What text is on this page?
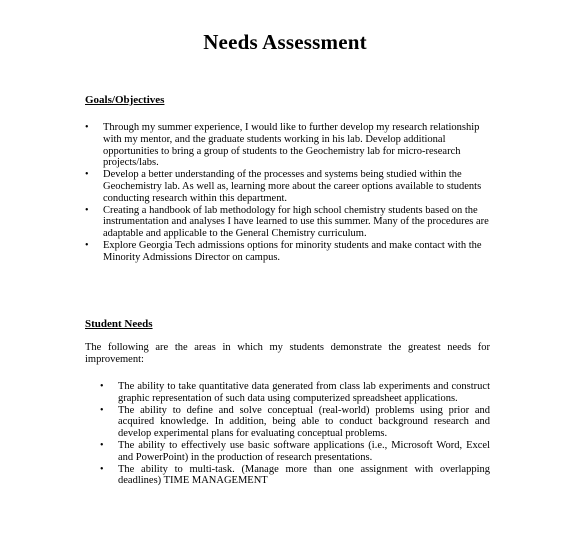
Needs Assessment
Goals/Objectives
• Through my summer experience, I would like to further develop my research relationship with my mentor, and the graduate students working in his lab. Develop additional opportunities to bring a group of students to the Geochemistry lab for micro-research projects/labs.
• Develop a better understanding of the processes and systems being studied within the Geochemistry lab. As well as, learning more about the career options available to students conducting research within this department.
• Creating a handbook of lab methodology for high school chemistry students based on the instrumentation and analyses I have learned to use this summer. Many of the procedures are adaptable and applicable to the General Chemistry curriculum.
• Explore Georgia Tech admissions options for minority students and make contact with the Minority Admissions Director on campus.
Student Needs
The following are the areas in which my students demonstrate the greatest needs for improvement:
• The ability to take quantitative data generated from class lab experiments and construct graphic representation of such data using computerized spreadsheet applications.
• The ability to define and solve conceptual (real-world) problems using prior and acquired knowledge. In addition, being able to conduct background research and develop experimental plans for evaluating conceptual problems.
• The ability to effectively use basic software applications (i.e., Microsoft Word, Excel and PowerPoint) in the production of research presentations.
• The ability to multi-task. (Manage more than one assignment with overlapping deadlines) TIME MANAGEMENT
